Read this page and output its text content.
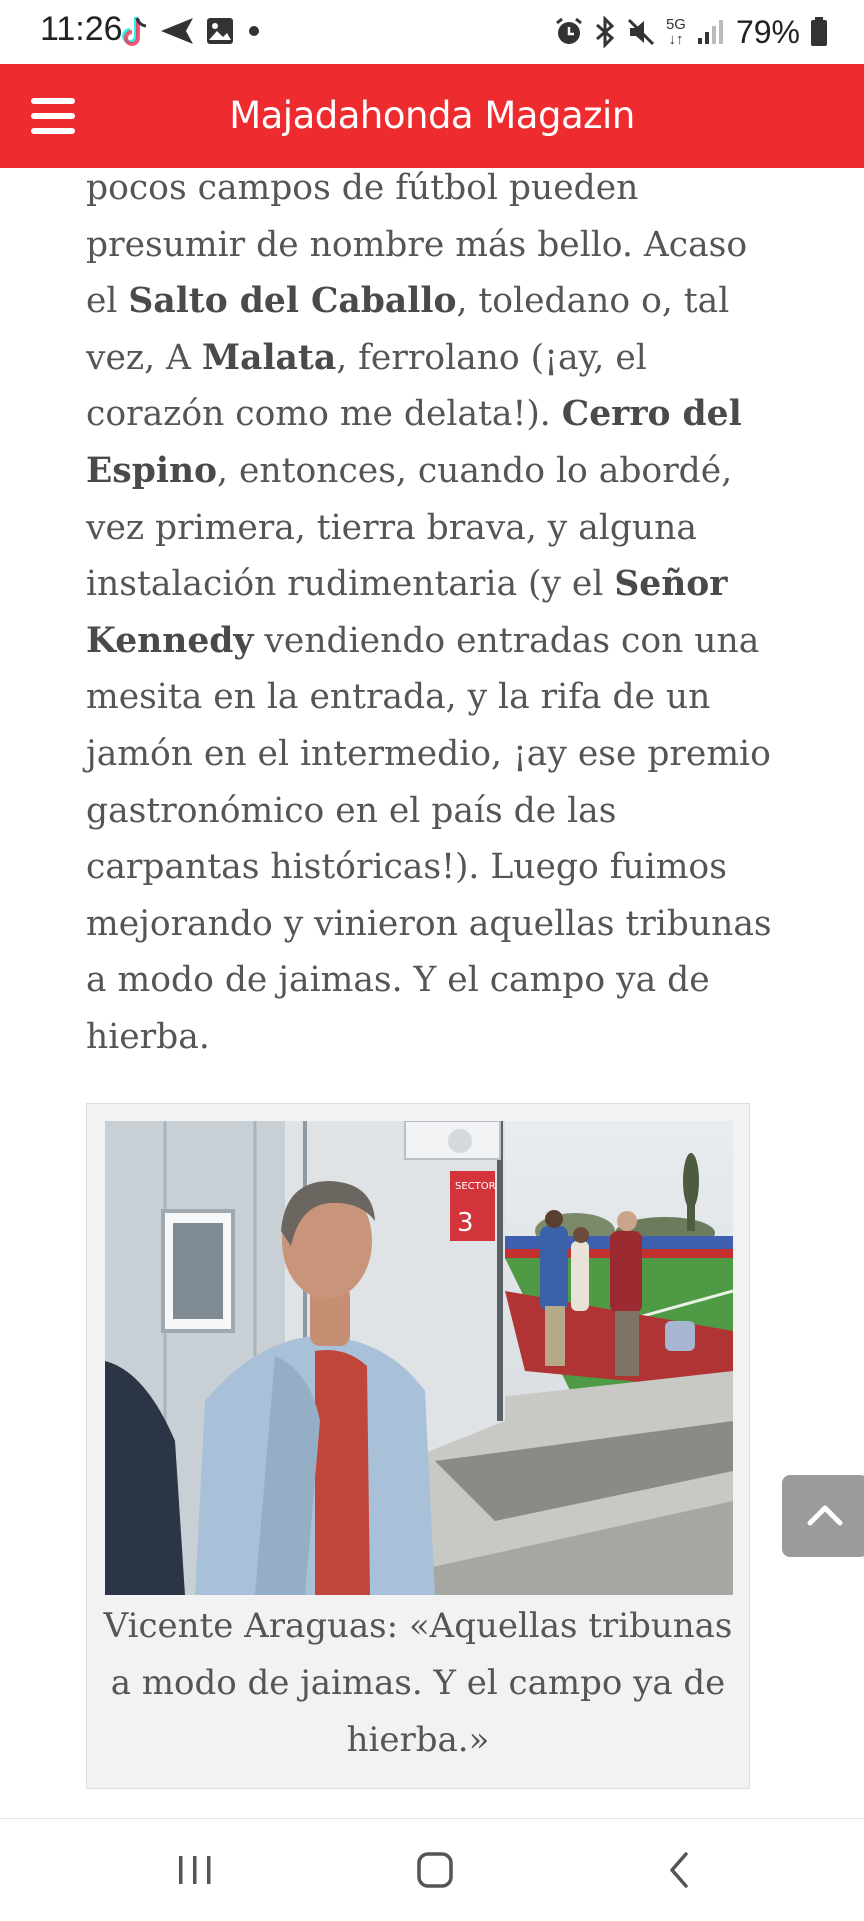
11:26	5G
↓↑ 79%
Majadahonda Magazin

pocos campos de fútbol pueden presumir de nombre más bello. Acaso el Salto del Caballo, toledano o, tal vez, A Malata, ferrolano (¡ay, el corazón como me delata!). Cerro del Espino, entonces, cuando lo abordé, vez primera, tierra brava, y alguna instalación rudimentaria (y el Señor Kennedy vendiendo entradas con una mesita en la entrada, y la rifa de un jamón en el intermedio, ¡ay ese premio gastronómico en el país de las carpantas históricas!). Luego fuimos mejorando y vinieron aquellas tribunas a modo de jaimas. Y el campo ya de hierba.

SECTOR
3
Vicente Araguas: «Aquellas tribunas a modo de jaimas. Y el campo ya de hierba.»
